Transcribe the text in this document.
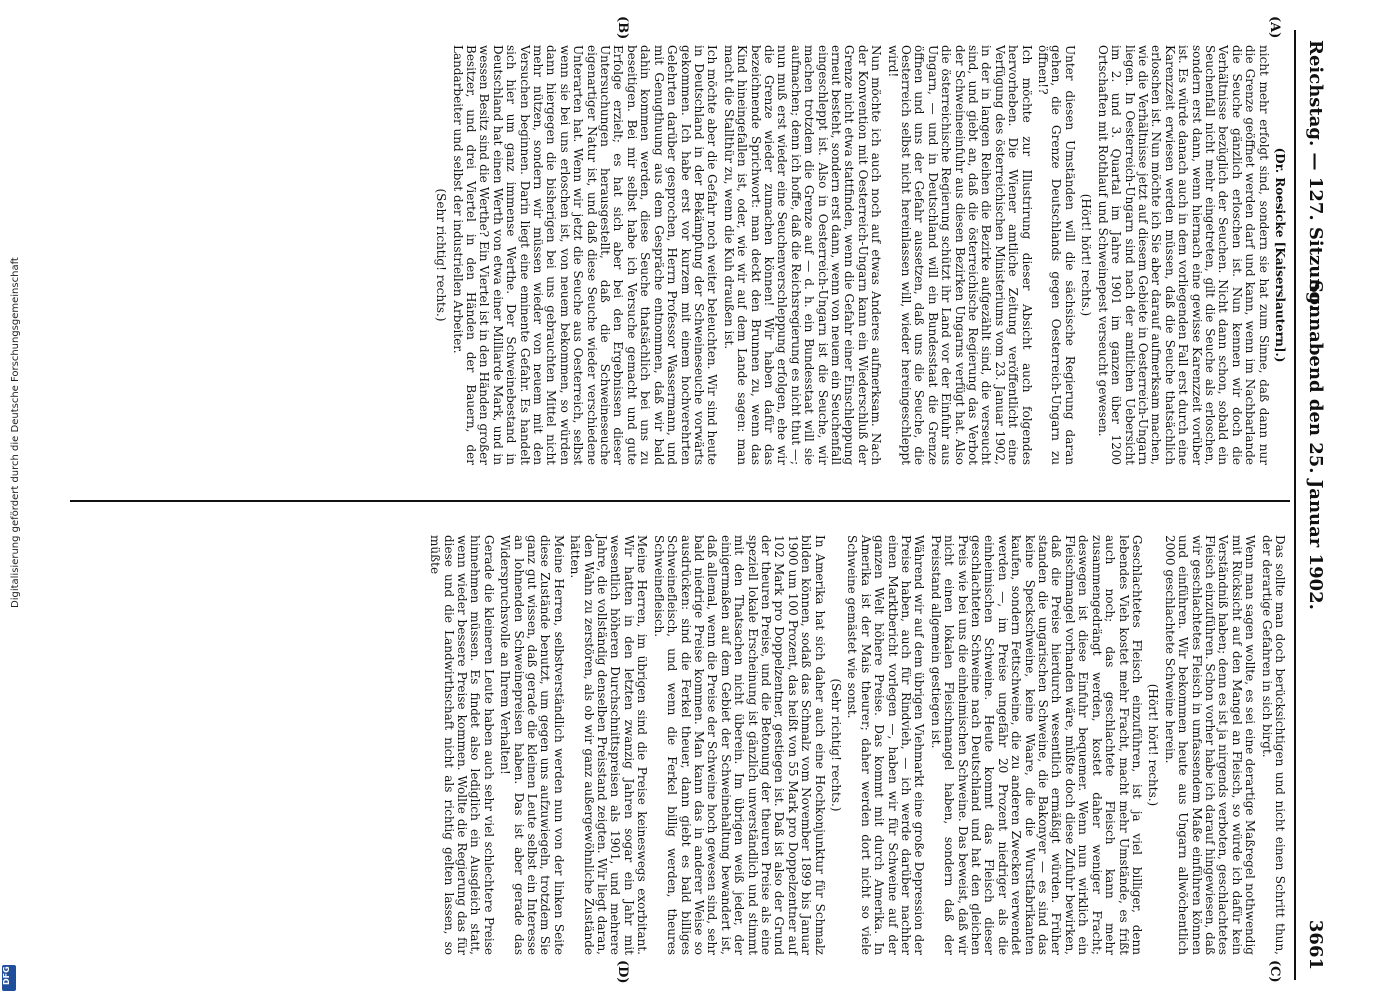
Digitalisierung gefördert durch die Deutsche Forschungsgemeinschaft
DFG
Reichstag. — 127. Sitzung.
Sonnabend den 25. Januar 1902.
3661
(A)
(B)
(C)
(D)

(Dr. Roesicke [Kaiserslautern].)

nicht mehr erfolgt sind, sondern sie hat zum Sinne, daß dann nur die Grenze geöffnet werden darf und kann, wenn im Nachbarlande die Seuche gänzlich erloschen ist. Nun kennen wir doch die Verhältnisse bezüglich der Seuchen. Nicht dann schon, sobald ein Seuchenfall nicht mehr eingetreten, gilt die Seuche als erloschen, sondern erst dann, wenn hiernach eine gewisse Karenzzeit vorüber ist. Es würde danach auch in dem vorliegenden Fall erst durch eine Karenzzeit erwiesen werden müssen, daß die Seuche thatsächlich erloschen ist. Nun möchte ich Sie aber darauf aufmerksam machen, wie die Verhältnisse jetzt auf diesem Gebiete in Oesterreich-Ungarn liegen. In Oesterreich-Ungarn sind nach der amtlichen Uebersicht im 2. und 3. Quartal im Jahre 1901 im ganzen über 1200 Ortschaften mit Rothlauf und Schweinepest verseucht gewesen.

(Hört! hört! rechts.)

Unter diesen Umständen will die sächsische Regierung daran gehen, die Grenze Deutschlands gegen Oesterreich-Ungarn zu öffnen!?

Ich möchte zur Illustrirung dieser Absicht auch folgendes hervorheben. Die Wiener amtliche Zeitung veröffentlicht eine Verfügung des österreichischen Ministeriums vom 23. Januar 1902, in der in langen Reihen die Bezirke aufgezählt sind, die verseucht sind, und giebt an, daß die österreichische Regierung das Verbot der Schweineeinfuhr aus diesen Bezirken Ungarns verfügt hat. Also die österreichische Regierung schützt ihr Land vor der Einfuhr aus Ungarn, — und in Deutschland will ein Bundesstaat die Grenze öffnen und uns der Gefahr aussetzen, daß uns die Seuche, die Oesterreich selbst nicht hereinlassen will, wieder hereingeschleppt wird!

Nun möchte ich auch noch auf etwas Anderes aufmerksam. Nach der Konvention mit Oesterreich-Ungarn kann ein Wiederschluß der Grenze nicht etwa stattfinden, wenn die Gefahr einer Einschleppung erneut besteht, sondern erst dann, wenn von neuem ein Seuchenfall eingeschleppt ist. Also in Oesterreich-Ungarn ist die Seuche, wir machen trotzdem die Grenze auf — d. h. ein Bundesstaat will sie aufmachen; denn ich hoffe, daß die Reichsregierung es nicht thut —; nun muß erst wieder eine Seuchenverschleppung erfolgen, ehe wir die Grenze wieder zumachen können! Wir haben dafür das bezeichnende Sprichwort: man deckt den Brunnen zu, wenn das Kind hineingefallen ist, oder, wie wir auf dem Lande sagen: man macht die Stallthür zu, wenn die Kuh draußen ist.

Ich möchte aber die Gefahr noch weiter beleuchten. Wir sind heute in Deutschland in der Bekämpfung der Schweineseuche vorwärts gekommen. Ich habe erst vor kurzem mit einem hochverehrten Gelehrten darüber gesprochen, Herrn Professor Wassermann, und mit Genugthuung aus dem Gespräche entnommen, daß wir bald dahin kommen werden, diese Seuche thatsächlich bei uns zu beseitigen. Bei mir selbst habe ich Versuche gemacht und gute Erfolge erzielt; es hat sich aber bei den Ergebnissen dieser Untersuchungen herausgestellt, daß die Schweineseuche eigenartiger Natur ist, und daß diese Seuche wieder verschiedene Unterarten hat. Wenn wir jetzt die Seuche aus Oesterreich, selbst wenn sie bei uns erloschen ist, von neuem bekommen, so würden dann hiergegen die bisherigen bei uns gebrauchten Mittel nicht mehr nützen, sondern wir müssen wieder von neuem mit den Versuchen beginnen. Darin liegt eine eminente Gefahr. Es handelt sich hier um ganz immense Werthe. Der Schweinebestand in Deutschland hat einen Werth von etwa einer Milliarde Mark, und in wessen Besitz sind die Werthe? Ein Viertel ist in den Händen großer Besitzer, und drei Viertel in den Händen der Bauern, der Landarbeiter und selbst der industriellen Arbeiter.

(Sehr richtig! rechts.)

Das sollte man doch berücksichtigen und nicht einen Schritt thun, der derartige Gefahren in sich birgt.

Wenn man sagen wollte, es sei eine derartige Maßregel nothwendig mit Rücksicht auf den Mangel an Fleisch, so würde ich dafür kein Verständniß haben; denn es ist ja nirgends verboten, geschlachtetes Fleisch einzuführen. Schon vorher habe ich darauf hingewiesen, daß wir geschlachtetes Fleisch in umfassendem Maße einführen können und einführen. Wir bekommen heute aus Ungarn allwöchentlich 2000 geschlachtete Schweine herein.

(Hört! hört! rechts.)

Geschlachtetes Fleisch einzuführen, ist ja viel billiger, denn lebendes Vieh kostet mehr Fracht, macht mehr Umstände, es frißt auch noch; das geschlachtete Fleisch kann mehr zusammengedrängt werden, kostet daher weniger Fracht; deswegen ist diese Einfuhr bequemer. Wenn nun wirklich ein Fleischmangel vorhanden wäre, müßte doch diese Zufuhr bewirken, daß die Preise hierdurch wesentlich ermäßigt würden. Früher standen die ungarischen Schweine, die Bakonyer — es sind das keine Speckschweine, keine Waare, die die Wurstfabrikanten kaufen, sondern Fettschweine, die zu anderen Zwecken verwendet werden —, im Preise ungefähr 20 Prozent niedriger als die einheimischen Schweine. Heute kommt das Fleisch dieser geschlachteten Schweine nach Deutschland und hat den gleichen Preis wie bei uns die einheimischen Schweine. Das beweist, daß wir nicht einen lokalen Fleischmangel haben, sondern daß der Preisstand allgemein gestiegen ist.

Während wir auf dem übrigen Viehmarkt eine große Depression der Preise haben, auch für Rindvieh, — ich werde darüber nachher einen Marktbericht vorlegen —, haben wir für Schweine auf der ganzen Welt höhere Preise. Das kommt mit durch Amerika. In Amerika ist der Mais theurer; daher werden dort nicht so viele Schweine gemästet wie sonst.

(Sehr richtig! rechts.)

In Amerika hat sich daher auch eine Hochkonjunktur für Schmalz bilden können, sodaß das Schmalz vom November 1899 bis Januar 1900 um 100 Prozent, das heißt von 55 Mark pro Doppelzentner auf 102 Mark pro Doppelzentner, gestiegen ist. Daß ist also der Grund der theuren Preise, und die Betonung der theuren Preise als eine speziell lokale Erscheinung ist gänzlich unverständlich und stimmt mit den Thatsachen nicht überein. Im übrigen weiß jeder, der einigermaßen auf dem Gebiet der Schweinehaltung bewandert ist, daß allemal, wenn die Preise der Schweine hoch gewesen sind, sehr bald niedrige Preise kommen. Man kann das in anderer Weise so ausdrücken: sind die Ferkel theuer, dann giebt es bald billiges Schweinefleisch, und wenn die Ferkel billig werden, theures Schweinefleisch.

Meine Herren, im übrigen sind die Preise keineswegs exorbitant. Wir hatten in den letzten zwanzig Jahren sogar ein Jahr mit wesentlich höheren Durchschnittspreisen als 1901, und mehrere Jahre, die vollständig denselben Preisstand zeigten. Wir liegt daran, den Wahn zu zerstören, als ob wir ganz außergewöhnliche Zustände hätten.

Meine Herren, selbstverständlich werden nun von der linken Seite diese Zustände benutzt, um gegen uns aufzuwiegeln, trotzdem Sie ganz gut wissen, daß gerade die kleinen Leute selbst ein Interesse an lohnenden Schweinepreisen haben. Das ist aber gerade das Widerspruchsvolle an Ihrem Verhalten!

Gerade die kleineren Leute haben auch sehr viel schlechtere Preise hinnehmen müssen. Es findet also lediglich ein Ausgleich statt, wenn wieder bessere Preise kommen. Wollte die Regierung das für diese und die Landwirthschaft nicht als richtig gelten lassen, so müßte
